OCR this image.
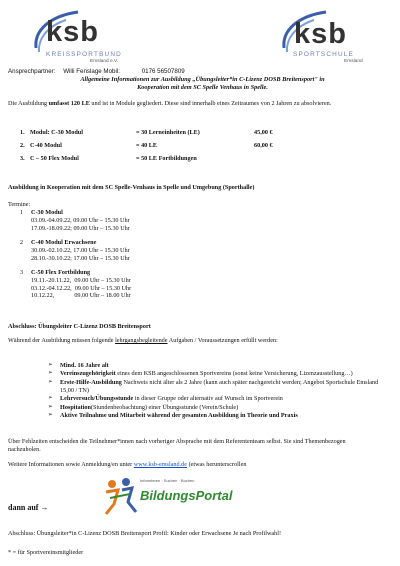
ksb
KREISSPORTBUND
Emsland e.V.
ksb
SPORTSCHULE
Emsland
Ansprechpartner: Willi Fenslage Mobil:	0176 56507809
Allgemeine Informationen zur Ausbildung „Übungsleiter*in C-Lizenz DOSB Breitensport" in
Kooperation mit dem SC Spelle Venhaus in Spelle.
Die Ausbildung umfasst 120 LE und ist in Module gegliedert. Diese sind innerhalb eines Zeitraumes von 2 Jahren zu absolvieren.
1. Modul: C-30 Modul	= 30 Lerneinheiten (LE)	45,00 €
2. C-40 Modul	= 40 LE	60,00 €
3. C – 50 Flex Modul	= 50 LE Fortbildungen
Ausbildung in Kooperation mit dem SC Spelle-Venhaus in Spelle und Umgebung (Sporthalle)
Termine:
1 C-30 Modul
03.09.-04.09.22, 09.00 Uhr – 15.30 Uhr
17.09.-18.09.22; 09.00 Uhr – 15.30 Uhr
2 C-40 Modul Erwachsene
30.09.-02.10.22, 17.00 Uhr – 15.30 Uhr
28.10.-30.10.22; 17.00 Uhr – 15.30 Uhr
3 C-50 Flex Fortbildung
19.11.-20.11.22,  09.00 Uhr – 15.30 Uhr
03.12.-04.12.22,  09.00 Uhr – 15.30 Uhr
10.12.22,             09.00 Uhr – 18.00 Uhr
Abschluss: Übungsleiter C-Lizenz DOSB Breitensport
Während der Ausbildung müssen folgende lehrgangsbegleitende Aufgaben / Voraussetzungen erfüllt werden:
➢ Mind. 16 Jahre alt
➢ Vereinszugehörigkeit eines dem KSB angeschlossenen Sportvereins (sonst keine Versicherung, Lizenzausstellung…)
➢ Erste-Hilfe-Ausbildung Nachweis nicht älter als 2 Jahre (kann auch später nachgereicht werden; Angebot Sportschule Emsland 15,00 / TN)
➢ Lehrversuch/Übungsstunde in dieser Gruppe oder alternativ auf Wunsch im Sportverein
➢ Hospitation(Stundenbeobachtung) einer Übungsstunde (Verein/Schule)
➢ Aktive Teilnahme und Mitarbeit während der gesamten Ausbildung in Theorie und Praxis
Über Fehlzeiten entscheiden die Teilnehmer*innen nach vorheriger Absprache mit dem Referententeam selbst. Sie sind Themenbezogen nachzuholen.
Weitere Informationen sowie Anmeldung/en unter www.ksb-emsland.de (etwas herunterscrollen
Informieren · Suchen · Buchen
BildungsPortal
dann auf →
Abschluss: Übungsleiter*in C-Lizenz DOSB Breitensport Profil: Kinder oder Erwachsene Je nach Profilwahl!
* = für Sportvereinsmitglieder
